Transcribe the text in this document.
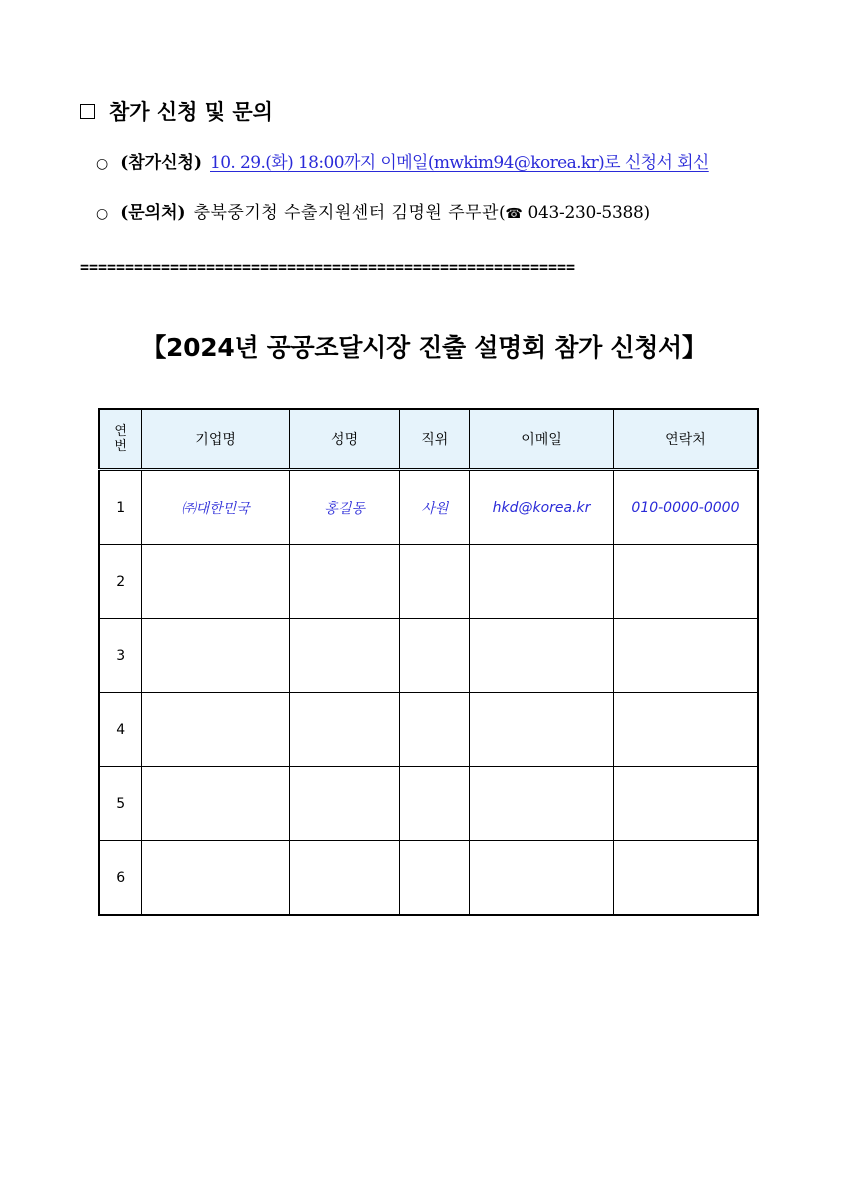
참가 신청 및 문의
○ (참가신청) 10. 29.(화) 18:00까지 이메일(mwkim94@korea.kr)로 신청서 회신
○ (문의처) 충북중기청 수출지원센터 김명원 주무관 (☎ 043-230-5388)
=======================================================
【2024년 공공조달시장 진출 설명회 참가 신청서】
연번	기업명	성명	직위	이메일	연락처
1	㈜대한민국	홍길동	사원	hkd@korea.kr	010-0000-0000
2					
3					
4					
5					
6					
